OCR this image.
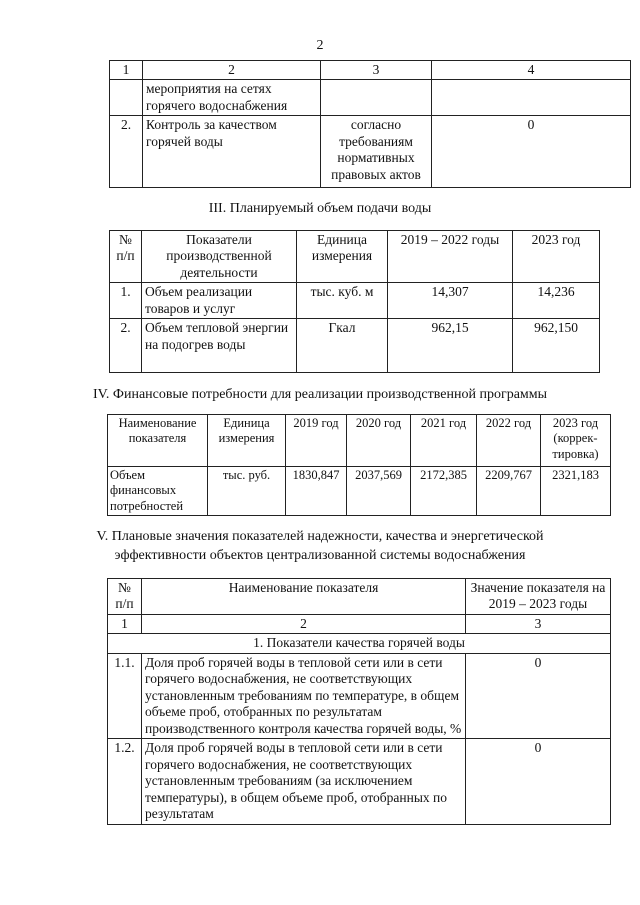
2
1	2	3	4
	мероприятия на сетях горячего водоснабжения		
2.	Контроль за качеством горячей воды	согласно требованиям нормативных правовых актов	0
III. Планируемый объем подачи воды
№ п/п	Показатели производственной деятельности	Единица измерения	2019 – 2022 годы	2023 год
1.	Объем реализации товаров и услуг	тыс. куб. м	14,307	14,236
2.	Объем тепловой энергии на подогрев воды	Гкал	962,15	962,150
IV. Финансовые потребности для реализации производственной программы
Наименование показателя	Единица измерения	2019 год	2020 год	2021 год	2022 год	2023 год (коррек-тировка)
Объем финансовых потребностей	тыс. руб.	1830,847	2037,569	2172,385	2209,767	2321,183
V. Плановые значения показателей надежности, качества и энергетической
эффективности объектов централизованной системы водоснабжения
№ п/п	Наименование показателя	Значение показателя на 2019 – 2023 годы
1	2	3
1. Показатели качества горячей воды		
1.1.	Доля проб горячей воды в тепловой сети или в сети горячего водоснабжения, не соответствующих установленным требованиям по температуре, в общем объеме проб, отобранных по результатам производственного контроля качества горячей воды, %	0
1.2.	Доля проб горячей воды в тепловой сети или в сети горячего водоснабжения, не соответствующих установленным требованиям (за исключением температуры), в общем объеме проб, отобранных по результатам	0
